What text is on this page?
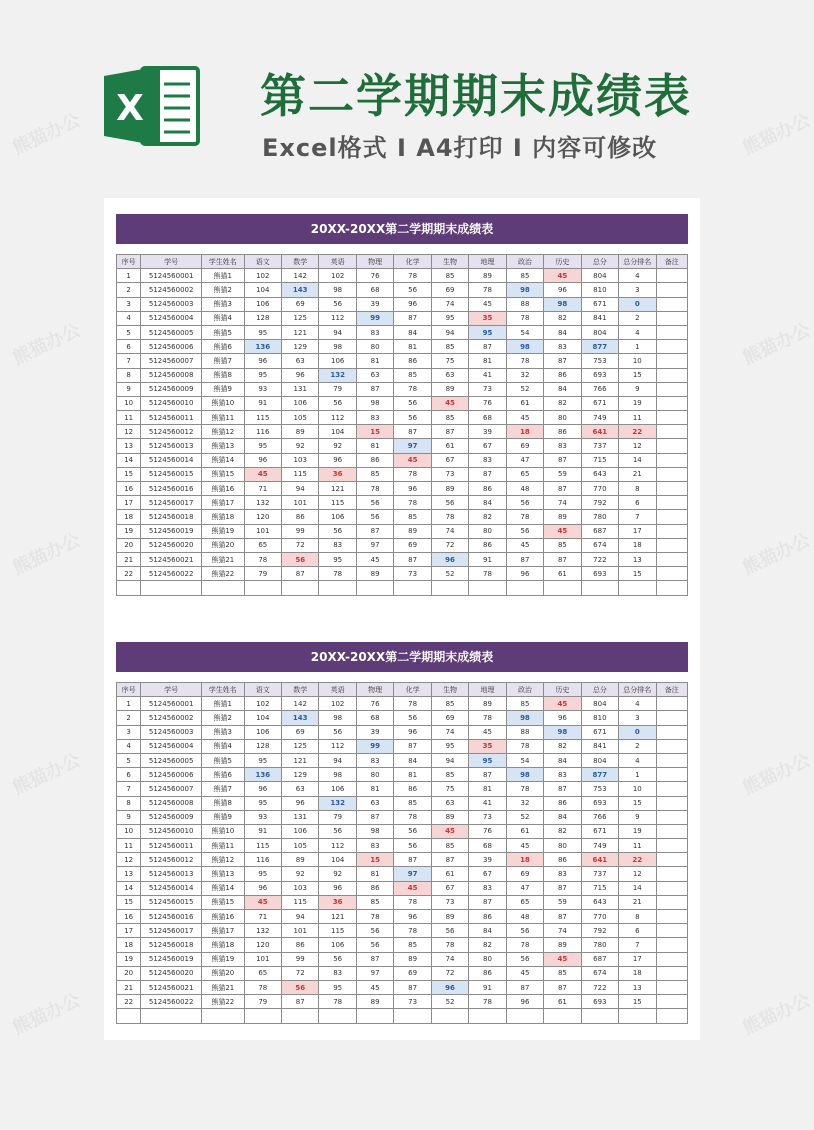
X	第二学期期末成绩表
Excel格式 I A4打印 I 内容可修改
20XX-20XX第二学期期末成绩表
序号	学号	学生姓名	语文	数学	英语	物理	化学	生物	地理	政治	历史	总分	总分排名	备注
1	5124560001	熊猫1	102	142	102	76	78	85	89	85	45	804	4	
2	5124560002	熊猫2	104	143	98	68	56	69	78	98	96	810	3	
3	5124560003	熊猫3	106	69	56	39	96	74	45	88	98	671	0	
4	5124560004	熊猫4	128	125	112	99	87	95	35	78	82	841	2	
5	5124560005	熊猫5	95	121	94	83	84	94	95	54	84	804	4	
6	5124560006	熊猫6	136	129	98	80	81	85	87	98	83	877	1	
7	5124560007	熊猫7	96	63	106	81	86	75	81	78	87	753	10	
8	5124560008	熊猫8	95	96	132	63	85	63	41	32	86	693	15	
9	5124560009	熊猫9	93	131	79	87	78	89	73	52	84	766	9	
10	5124560010	熊猫10	91	106	56	98	56	45	76	61	82	671	19	
11	5124560011	熊猫11	115	105	112	83	56	85	68	45	80	749	11	
12	5124560012	熊猫12	116	89	104	15	87	87	39	18	86	641	22	
13	5124560013	熊猫13	95	92	92	81	97	61	67	69	83	737	12	
14	5124560014	熊猫14	96	103	96	86	45	67	83	47	87	715	14	
15	5124560015	熊猫15	45	115	36	85	78	73	87	65	59	643	21	
16	5124560016	熊猫16	71	94	121	78	96	89	86	48	87	770	8	
17	5124560017	熊猫17	132	101	115	56	78	56	84	56	74	792	6	
18	5124560018	熊猫18	120	86	106	56	85	78	82	78	89	780	7	
19	5124560019	熊猫19	101	99	56	87	89	74	80	56	45	687	17	
20	5124560020	熊猫20	65	72	83	97	69	72	86	45	85	674	18	
21	5124560021	熊猫21	78	56	95	45	87	96	91	87	87	722	13	
22	5124560022	熊猫22	79	87	78	89	73	52	78	96	61	693	15	

20XX-20XX第二学期期末成绩表
序号	学号	学生姓名	语文	数学	英语	物理	化学	生物	地理	政治	历史	总分	总分排名	备注
1	5124560001	熊猫1	102	142	102	76	78	85	89	85	45	804	4	
2	5124560002	熊猫2	104	143	98	68	56	69	78	98	96	810	3	
3	5124560003	熊猫3	106	69	56	39	96	74	45	88	98	671	0	
4	5124560004	熊猫4	128	125	112	99	87	95	35	78	82	841	2	
5	5124560005	熊猫5	95	121	94	83	84	94	95	54	84	804	4	
6	5124560006	熊猫6	136	129	98	80	81	85	87	98	83	877	1	
7	5124560007	熊猫7	96	63	106	81	86	75	81	78	87	753	10	
8	5124560008	熊猫8	95	96	132	63	85	63	41	32	86	693	15	
9	5124560009	熊猫9	93	131	79	87	78	89	73	52	84	766	9	
10	5124560010	熊猫10	91	106	56	98	56	45	76	61	82	671	19	
11	5124560011	熊猫11	115	105	112	83	56	85	68	45	80	749	11	
12	5124560012	熊猫12	116	89	104	15	87	87	39	18	86	641	22	
13	5124560013	熊猫13	95	92	92	81	97	61	67	69	83	737	12	
14	5124560014	熊猫14	96	103	96	86	45	67	83	47	87	715	14	
15	5124560015	熊猫15	45	115	36	85	78	73	87	65	59	643	21	
16	5124560016	熊猫16	71	94	121	78	96	89	86	48	87	770	8	
17	5124560017	熊猫17	132	101	115	56	78	56	84	56	74	792	6	
18	5124560018	熊猫18	120	86	106	56	85	78	82	78	89	780	7	
19	5124560019	熊猫19	101	99	56	87	89	74	80	56	45	687	17	
20	5124560020	熊猫20	65	72	83	97	69	72	86	45	85	674	18	
21	5124560021	熊猫21	78	56	95	45	87	96	91	87	87	722	13	
22	5124560022	熊猫22	79	87	78	89	73	52	78	96	61	693	15	

熊猫办公	熊猫办公
熊猫办公	熊猫办公
熊猫办公	熊猫办公
熊猫办公	熊猫办公
熊猫办公	熊猫办公
